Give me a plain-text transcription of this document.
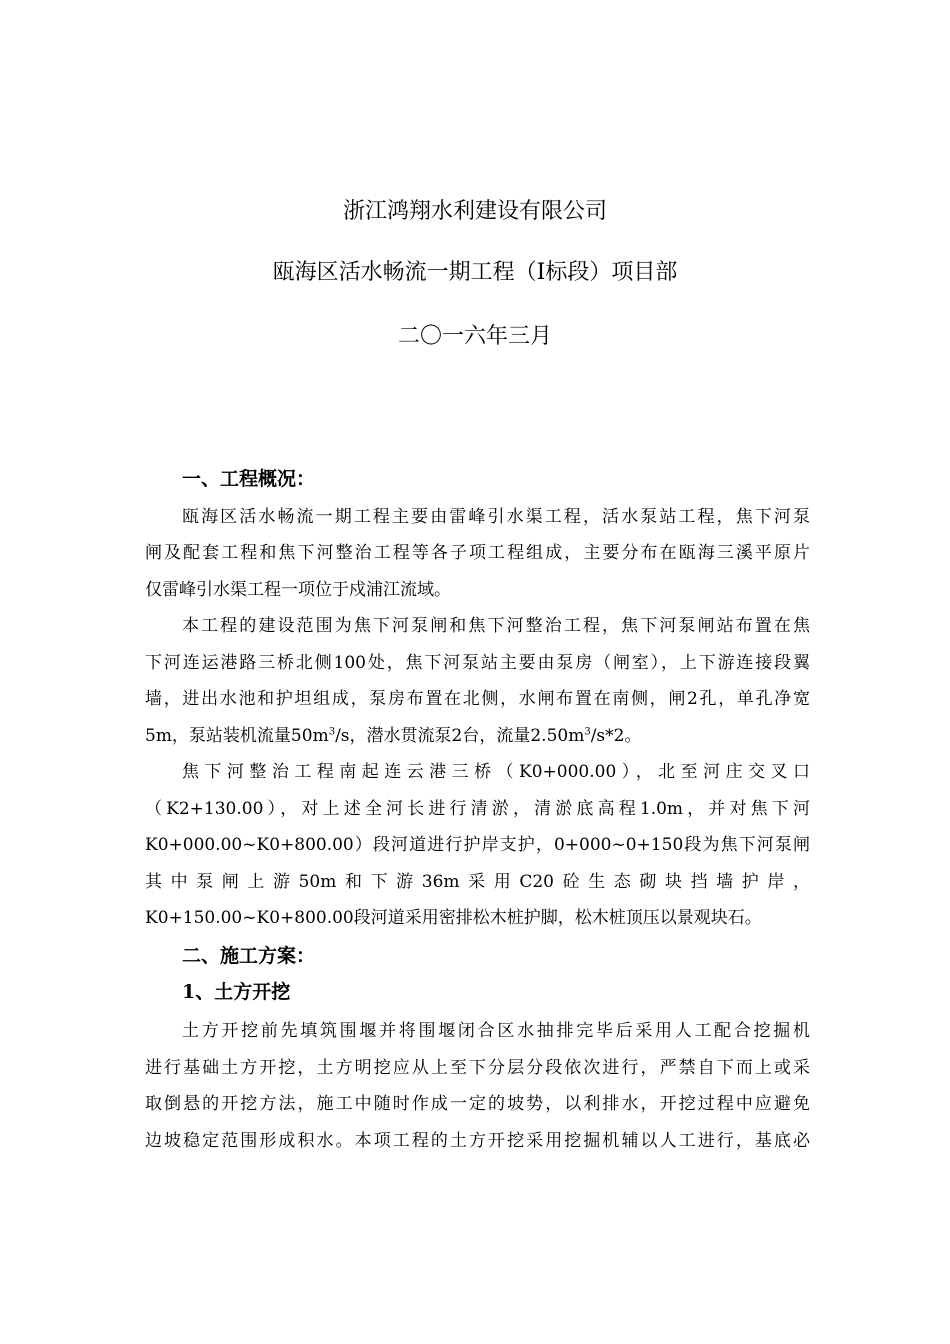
浙江鸿翔水利建设有限公司
瓯海区活水畅流一期工程（I标段）项目部
二〇一六年三月
一、工程概况：
瓯海区活水畅流一期工程主要由雷峰引水渠工程，活水泵站工程，焦下河泵
闸及配套工程和焦下河整治工程等各子项工程组成，主要分布在瓯海三溪平原片
仅雷峰引水渠工程一项位于戍浦江流域。
本工程的建设范围为焦下河泵闸和焦下河整治工程，焦下河泵闸站布置在焦
下河连运港路三桥北侧100处，焦下河泵站主要由泵房（闸室），上下游连接段翼
墙，进出水池和护坦组成，泵房布置在北侧，水闸布置在南侧，闸2孔，单孔净宽
5m，泵站装机流量$50m^3/s$，潜水贯流泵2台，流量$2.50m^3/s*2$。
焦下河整治工程南起连云港三桥（K0+000.00），北至河庄交叉口
（K2+130.00），对上述全河长进行清淤，清淤底高程1.0m，并对焦下河
K0+000.00~K0+800.00）段河道进行护岸支护，0+000~0+150段为焦下河泵闸
其中泵闸上游50m和下游36m采用C20砼生态砌块挡墙护岸，
K0+150.00~K0+800.00段河道采用密排松木桩护脚，松木桩顶压以景观块石。
二、施工方案：
1、土方开挖
土方开挖前先填筑围堰并将围堰闭合区水抽排完毕后采用人工配合挖掘机
进行基础土方开挖，土方明挖应从上至下分层分段依次进行，严禁自下而上或采
取倒悬的开挖方法，施工中随时作成一定的坡势，以利排水，开挖过程中应避免
边坡稳定范围形成积水。本项工程的土方开挖采用挖掘机辅以人工进行，基底必
